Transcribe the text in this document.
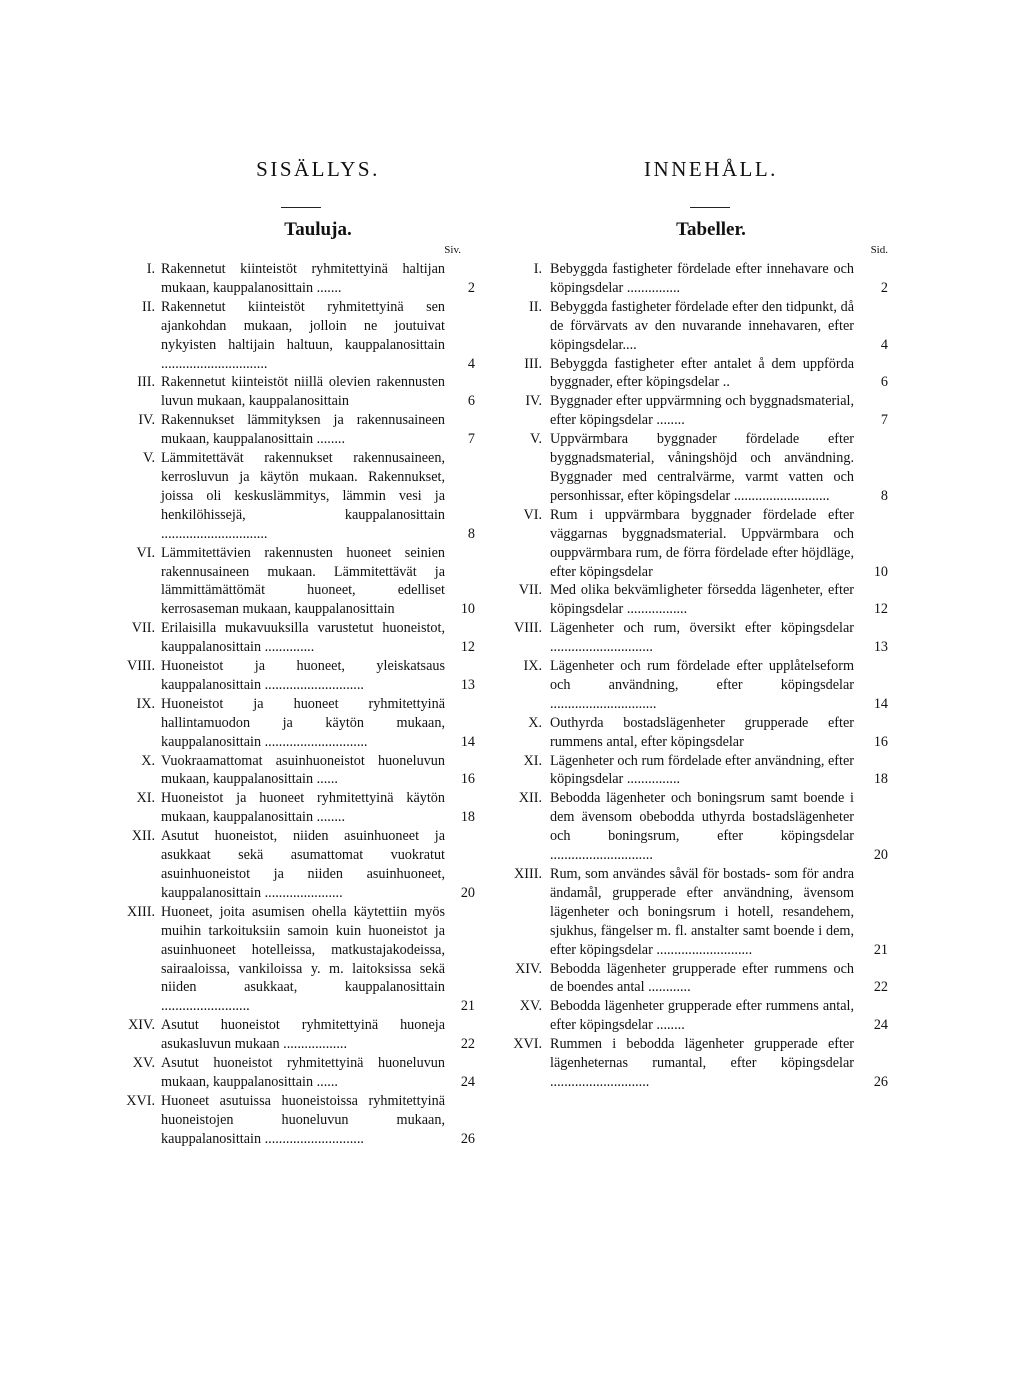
SISÄLLYS.
Tauluja.
Siv.
I. Rakennetut kiinteistöt ryhmitettyinä haltijan mukaan, kauppalanosittain .......	2
II. Rakennetut kiinteistöt ryhmitettyinä sen ajankohdan mukaan, jolloin ne joutuivat nykyisten haltijain haltuun, kauppalanosittain ..............................	4
III. Rakennetut kiinteistöt niillä olevien rakennusten luvun mukaan, kauppalanosittain	6
IV. Rakennukset lämmityksen ja rakennusaineen mukaan, kauppalanosittain ........	7
V. Lämmitettävät rakennukset rakennusaineen, kerrosluvun ja käytön mukaan. Rakennukset, joissa oli keskuslämmitys, lämmin vesi ja henkilöhissejä, kauppalanosittain ..............................	8
VI. Lämmitettävien rakennusten huoneet seinien rakennusaineen mukaan. Lämmitettävät ja lämmittämättömät huoneet, edelliset kerrosaseman mukaan, kauppalanosittain	10
VII. Erilaisilla mukavuuksilla varustetut huoneistot, kauppalanosittain ..............	12
VIII. Huoneistot ja huoneet, yleiskatsaus kauppalanosittain ............................	13
IX. Huoneistot ja huoneet ryhmitettyinä hallintamuodon ja käytön mukaan, kauppalanosittain .............................	14
X. Vuokraamattomat asuinhuoneistot huoneluvun mukaan, kauppalanosittain ......	16
XI. Huoneistot ja huoneet ryhmitettyinä käytön mukaan, kauppalanosittain ........	18
XII. Asutut huoneistot, niiden asuinhuoneet ja asukkaat sekä asumattomat vuokratut asuinhuoneistot ja niiden asuinhuoneet, kauppalanosittain ......................	20
XIII. Huoneet, joita asumisen ohella käytettiin myös muihin tarkoituksiin samoin kuin huoneistot ja asuinhuoneet hotelleissa, matkustajakodeissa, sairaaloissa, vankiloissa y. m. laitoksissa sekä niiden asukkaat, kauppalanosittain .........................	21
XIV. Asutut huoneistot ryhmitettyinä huoneja asukasluvun mukaan ..................	22
XV. Asutut huoneistot ryhmitettyinä huoneluvun mukaan, kauppalanosittain ......	24
XVI. Huoneet asutuissa huoneistoissa ryhmitettyinä huoneistojen huoneluvun mukaan, kauppalanosittain ............................	26
INNEHÅLL.
Tabeller.
Sid.
I. Bebyggda fastigheter fördelade efter innehavare och köpingsdelar ...............	2
II. Bebyggda fastigheter fördelade efter den tidpunkt, då de förvärvats av den nuvarande innehavaren, efter köpingsdelar....	4
III. Bebyggda fastigheter efter antalet å dem uppförda byggnader, efter köpingsdelar ..	6
IV. Byggnader efter uppvärmning och byggnadsmaterial, efter köpingsdelar ........	7
V. Uppvärmbara byggnader fördelade efter byggnadsmaterial, våningshöjd och användning. Byggnader med centralvärme, varmt vatten och personhissar, efter köpingsdelar ...........................	8
VI. Rum i uppvärmbara byggnader fördelade efter väggarnas byggnadsmaterial. Uppvärmbara och ouppvärmbara rum, de förra fördelade efter höjdläge, efter köpingsdelar	10
VII. Med olika bekvämligheter försedda lägenheter, efter köpingsdelar .................	12
VIII. Lägenheter och rum, översikt efter köpingsdelar .............................	13
IX. Lägenheter och rum fördelade efter upplåtelseform och användning, efter köpingsdelar ..............................	14
X. Outhyrda bostadslägenheter grupperade efter rummens antal, efter köpingsdelar	16
XI. Lägenheter och rum fördelade efter användning, efter köpingsdelar ...............	18
XII. Bebodda lägenheter och boningsrum samt boende i dem ävensom obebodda uthyrda bostadslägenheter och boningsrum, efter köpingsdelar .............................	20
XIII. Rum, som användes såväl för bostads- som för andra ändamål, grupperade efter användning, ävensom lägenheter och boningsrum i hotell, resandehem, sjukhus, fängelser m. fl. anstalter samt boende i dem, efter köpingsdelar ...........................	21
XIV. Bebodda lägenheter grupperade efter rummens och de boendes antal ............	22
XV. Bebodda lägenheter grupperade efter rummens antal, efter köpingsdelar ........	24
XVI. Rummen i bebodda lägenheter grupperade efter lägenheternas rumantal, efter köpingsdelar ............................	26
